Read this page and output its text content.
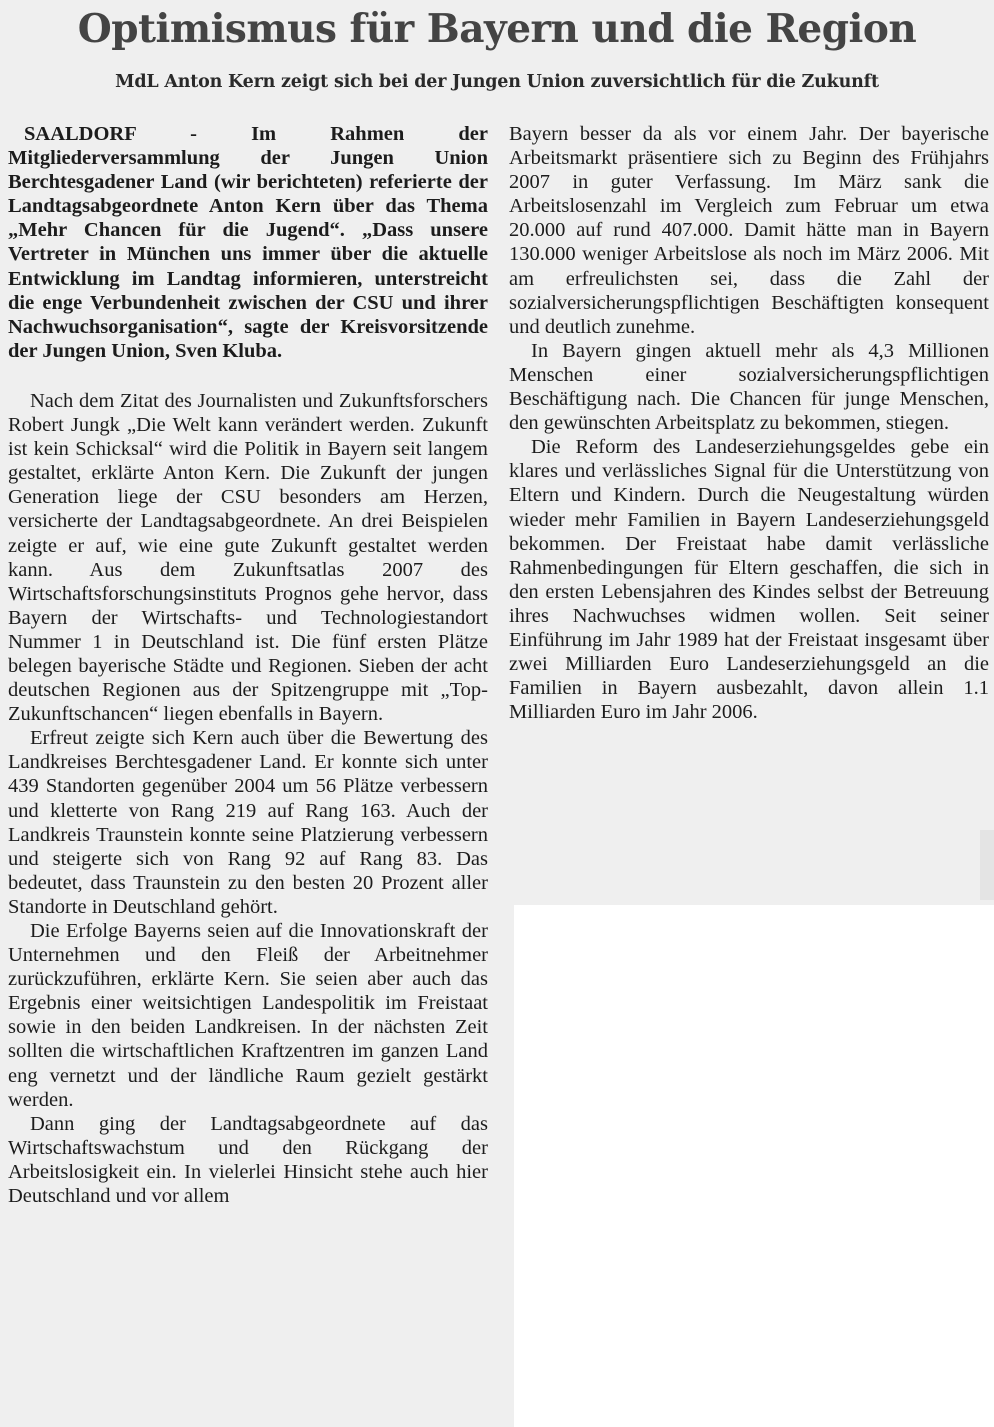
Optimismus für Bayern und die Region
MdL Anton Kern zeigt sich bei der Jungen Union zuversichtlich für die Zukunft

SAALDORF - Im Rahmen der Mitgliederversammlung der Jungen Union Berchtesgadener Land (wir berichteten) referierte der Landtagsabgeordnete Anton Kern über das Thema „Mehr Chancen für die Jugend“. „Dass unsere Vertreter in München uns immer über die aktuelle Entwicklung im Landtag informieren, unterstreicht die enge Verbundenheit zwischen der CSU und ihrer Nachwuchsorganisation“, sagte der Kreisvorsitzende der Jungen Union, Sven Kluba.

Nach dem Zitat des Journalisten und Zukunftsforschers Robert Jungk „Die Welt kann verändert werden. Zukunft ist kein Schicksal“ wird die Politik in Bayern seit langem gestaltet, erklärte Anton Kern. Die Zukunft der jungen Generation liege der CSU besonders am Herzen, versicherte der Landtagsabgeordnete. An drei Beispielen zeigte er auf, wie eine gute Zukunft gestaltet werden kann. Aus dem Zukunftsatlas 2007 des Wirtschaftsforschungsinstituts Prognos gehe hervor, dass Bayern der Wirtschafts- und Technologiestandort Nummer 1 in Deutschland ist. Die fünf ersten Plätze belegen bayerische Städte und Regionen. Sieben der acht deutschen Regionen aus der Spitzengruppe mit „Top-Zukunftschancen“ liegen ebenfalls in Bayern.

Erfreut zeigte sich Kern auch über die Bewertung des Landkreises Berchtesgadener Land. Er konnte sich unter 439 Standorten gegenüber 2004 um 56 Plätze verbessern und kletterte von Rang 219 auf Rang 163. Auch der Landkreis Traunstein konnte seine Platzierung verbessern und steigerte sich von Rang 92 auf Rang 83. Das bedeutet, dass Traunstein zu den besten 20 Prozent aller Standorte in Deutschland gehört.

Die Erfolge Bayerns seien auf die Innovationskraft der Unternehmen und den Fleiß der Arbeitnehmer zurückzuführen, erklärte Kern. Sie seien aber auch das Ergebnis einer weitsichtigen Landespolitik im Freistaat sowie in den beiden Landkreisen. In der nächsten Zeit sollten die wirtschaftlichen Kraftzentren im ganzen Land eng vernetzt und der ländliche Raum gezielt gestärkt werden.

Dann ging der Landtagsabgeordnete auf das Wirtschaftswachstum und den Rückgang der Arbeitslosigkeit ein. In vielerlei Hinsicht stehe auch hier Deutschland und vor allem

Bayern besser da als vor einem Jahr. Der bayerische Arbeitsmarkt präsentiere sich zu Beginn des Frühjahrs 2007 in guter Verfassung. Im März sank die Arbeitslosenzahl im Vergleich zum Februar um etwa 20.000 auf rund 407.000. Damit hätte man in Bayern 130.000 weniger Arbeitslose als noch im März 2006. Mit am erfreulichsten sei, dass die Zahl der sozialversicherungspflichtigen Beschäftigten konsequent und deutlich zunehme.

In Bayern gingen aktuell mehr als 4,3 Millionen Menschen einer sozialversicherungspflichtigen Beschäftigung nach. Die Chancen für junge Menschen, den gewünschten Arbeitsplatz zu bekommen, stiegen.

Die Reform des Landeserziehungsgeldes gebe ein klares und verlässliches Signal für die Unterstützung von Eltern und Kindern. Durch die Neugestaltung würden wieder mehr Familien in Bayern Landeserziehungsgeld bekommen. Der Freistaat habe damit verlässliche Rahmenbedingungen für Eltern geschaffen, die sich in den ersten Lebensjahren des Kindes selbst der Betreuung ihres Nachwuchses widmen wollen. Seit seiner Einführung im Jahr 1989 hat der Freistaat insgesamt über zwei Milliarden Euro Landeserziehungsgeld an die Familien in Bayern ausbezahlt, davon allein 1.1 Milliarden Euro im Jahr 2006.
